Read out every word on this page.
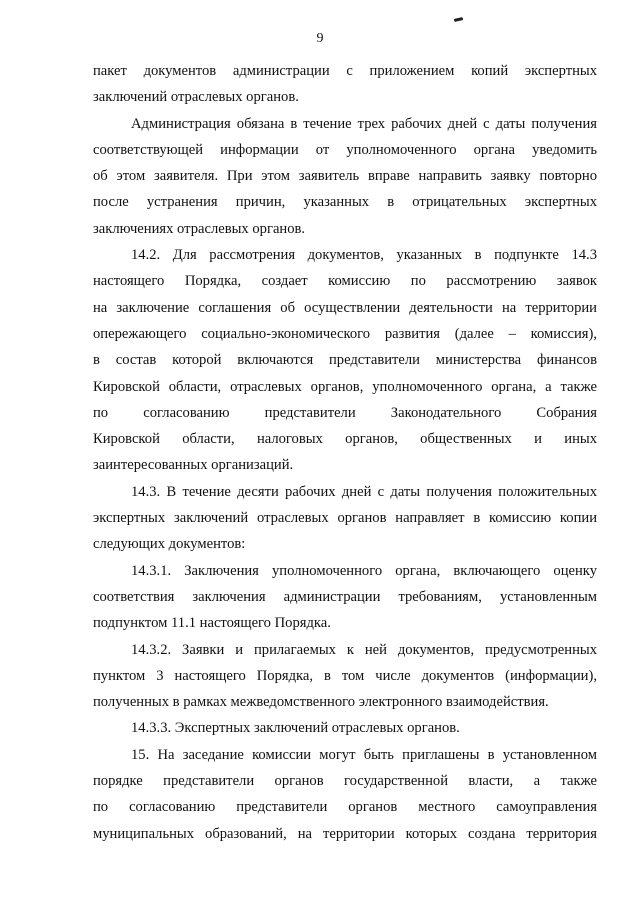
9
пакет документов администрации с приложением копий экспертных
заключений отраслевых органов.
Администрация обязана в течение трех рабочих дней с даты получения
соответствующей информации от уполномоченного органа уведомить
об этом заявителя. При этом заявитель вправе направить заявку повторно
после устранения причин, указанных в отрицательных экспертных
заключениях отраслевых органов.
14.2. Для рассмотрения документов, указанных в подпункте 14.3
настоящего Порядка, создает комиссию по рассмотрению заявок
на заключение соглашения об осуществлении деятельности на территории
опережающего социально-экономического развития (далее – комиссия),
в состав которой включаются представители министерства финансов
Кировской области, отраслевых органов, уполномоченного органа, а также
по согласованию представители Законодательного Собрания
Кировской области, налоговых органов, общественных и иных
заинтересованных организаций.
14.3. В течение десяти рабочих дней с даты получения положительных
экспертных заключений отраслевых органов направляет в комиссию копии
следующих документов:
14.3.1. Заключения уполномоченного органа, включающего оценку
соответствия заключения администрации требованиям, установленным
подпунктом 11.1 настоящего Порядка.
14.3.2. Заявки и прилагаемых к ней документов, предусмотренных
пунктом 3 настоящего Порядка, в том числе документов (информации),
полученных в рамках межведомственного электронного взаимодействия.
14.3.3. Экспертных заключений отраслевых органов.
15. На заседание комиссии могут быть приглашены в установленном
порядке представители органов государственной власти, а также
по согласованию представители органов местного самоуправления
муниципальных образований, на территории которых создана территория
